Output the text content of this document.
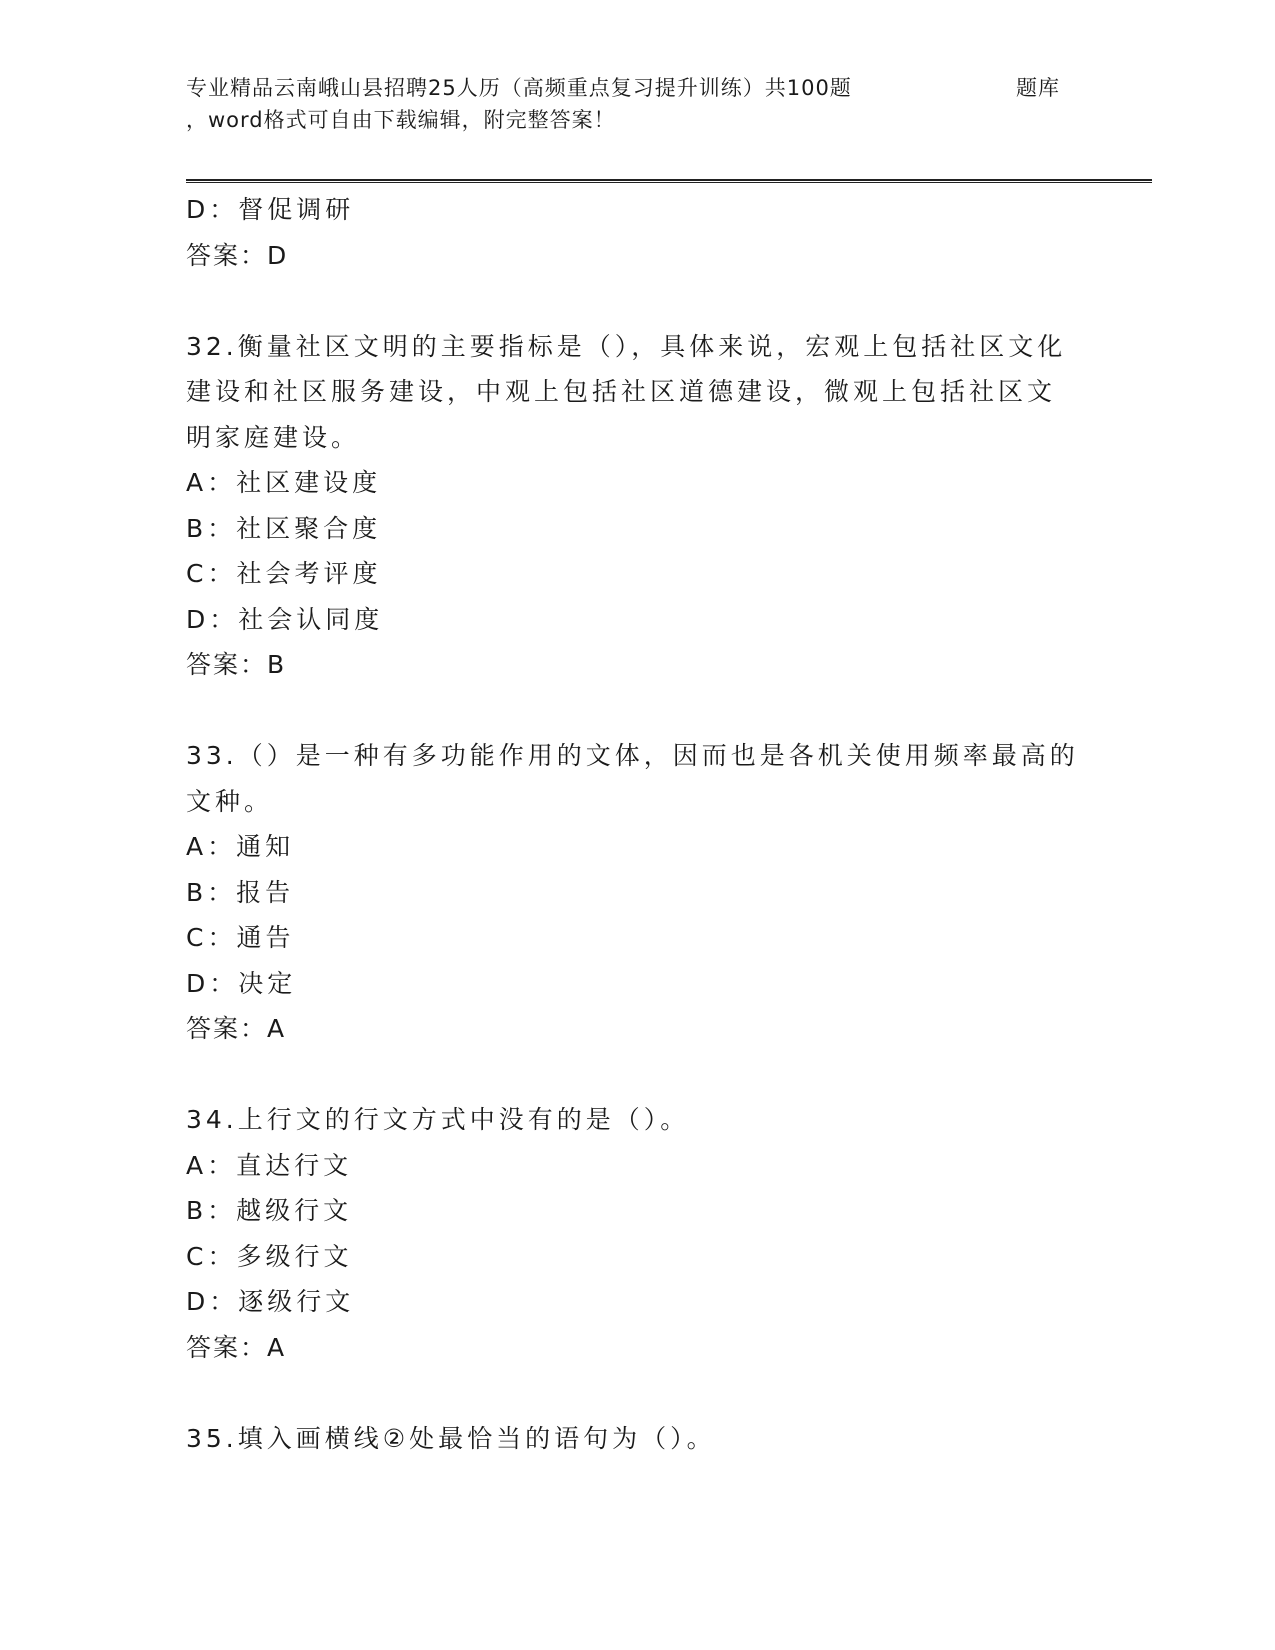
专业精品云南峨山县招聘25人历（高频重点复习提升训练）共100题	题库
，word格式可自由下载编辑，附完整答案！
D：督促调研
答案：D
32.衡量社区文明的主要指标是（），具体来说，宏观上包括社区文化
建设和社区服务建设，中观上包括社区道德建设，微观上包括社区文
明家庭建设。
A：社区建设度
B：社区聚合度
C：社会考评度
D：社会认同度
答案：B
33.（）是一种有多功能作用的文体，因而也是各机关使用频率最高的
文种。
A：通知
B：报告
C：通告
D：决定
答案：A
34.上行文的行文方式中没有的是（）。
A：直达行文
B：越级行文
C：多级行文
D：逐级行文
答案：A
35.填入画横线②处最恰当的语句为（）。
